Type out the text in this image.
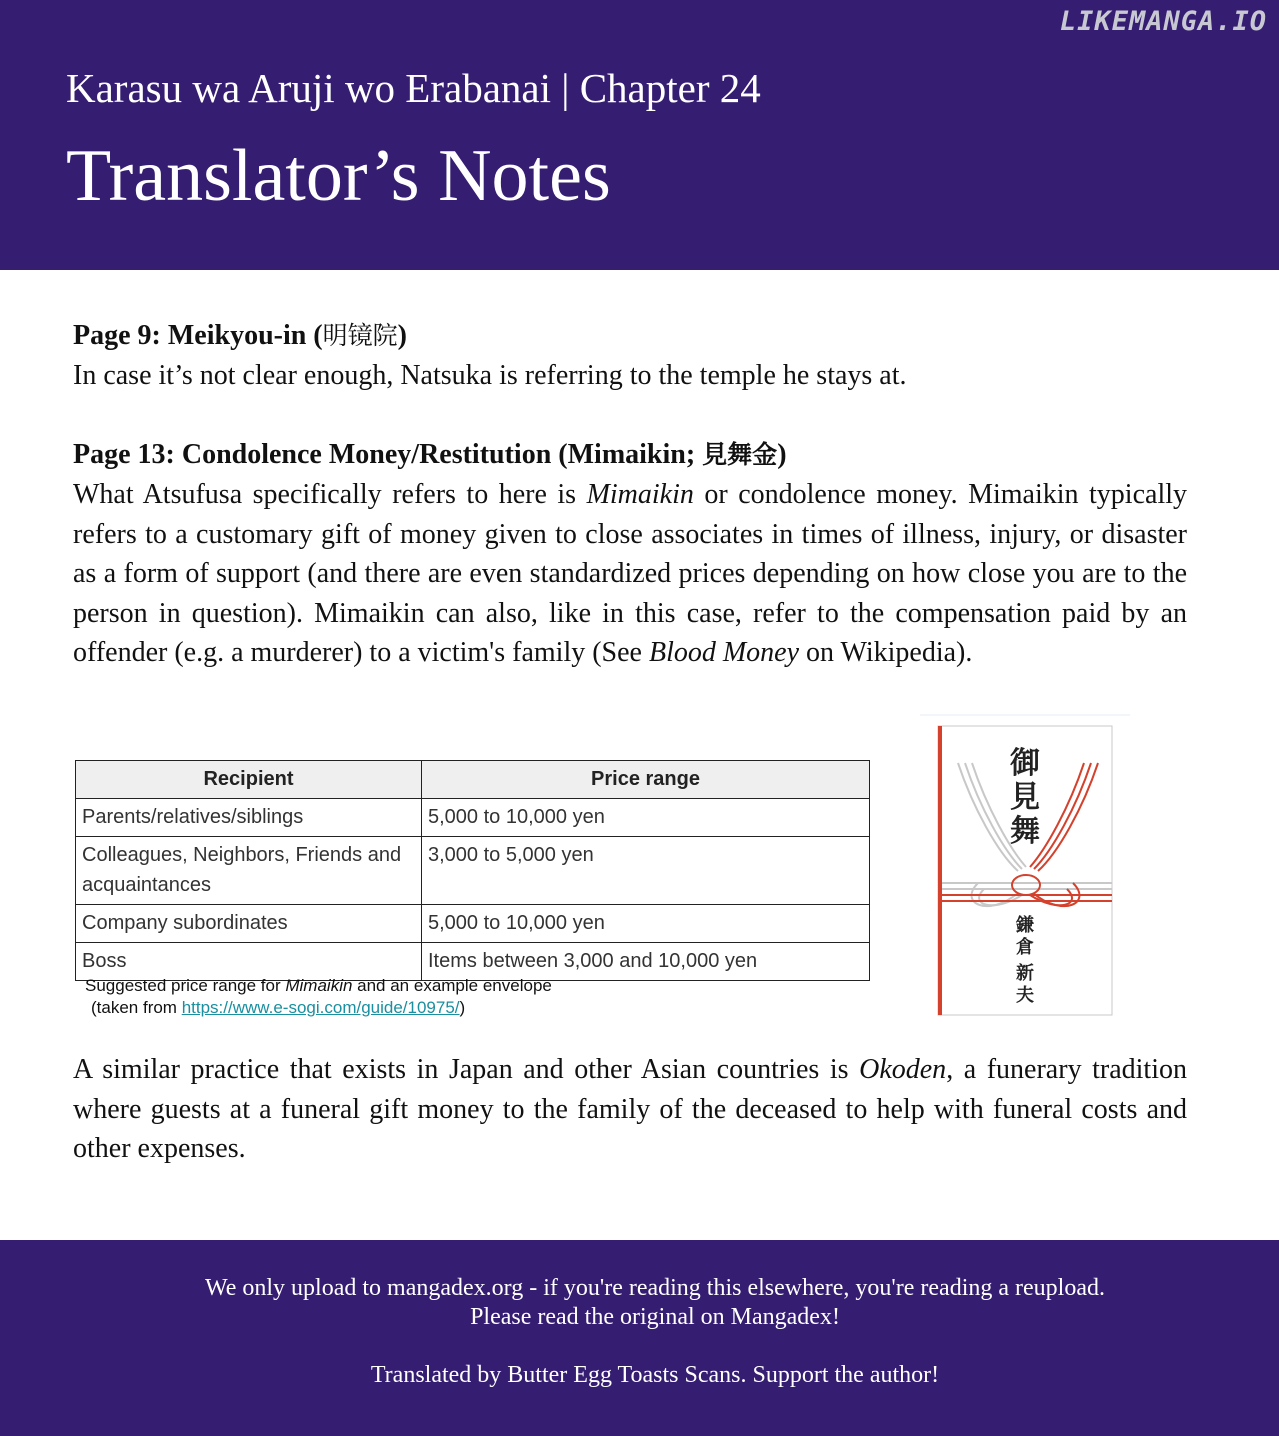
LIKEMANGA.IO
Karasu wa Aruji wo Erabanai | Chapter 24
Translator’s Notes
Page 9: Meikyou-in (明镜院)
In case it’s not clear enough, Natsuka is referring to the temple he stays at.
Page 13: Condolence Money/Restitution (Mimaikin; 見舞金)
What Atsufusa specifically refers to here is Mimaikin or condolence money. Mimaikin typically refers to a customary gift of money given to close associates in times of illness, injury, or disaster as a form of support (and there are even standardized prices depending on how close you are to the person in question). Mimaikin can also, like in this case, refer to the compensation paid by an offender (e.g. a murderer) to a victim's family (See Blood Money on Wikipedia).
Recipient	Price range
Parents/relatives/siblings	5,000 to 10,000 yen
Colleagues, Neighbors, Friends and acquaintances	3,000 to 5,000 yen
Company subordinates	5,000 to 10,000 yen
Boss	Items between 3,000 and 10,000 yen
Suggested price range for Mimaikin and an example envelope
(taken from https://www.e-sogi.com/guide/10975/)
御
見
舞
鎌
倉
新
夫
A similar practice that exists in Japan and other Asian countries is Okoden, a funerary tradition where guests at a funeral gift money to the family of the deceased to help with funeral costs and other expenses.
We only upload to mangadex.org - if you're reading this elsewhere, you're reading a reupload.
Please read the original on Mangadex!
Translated by Butter Egg Toasts Scans. Support the author!
